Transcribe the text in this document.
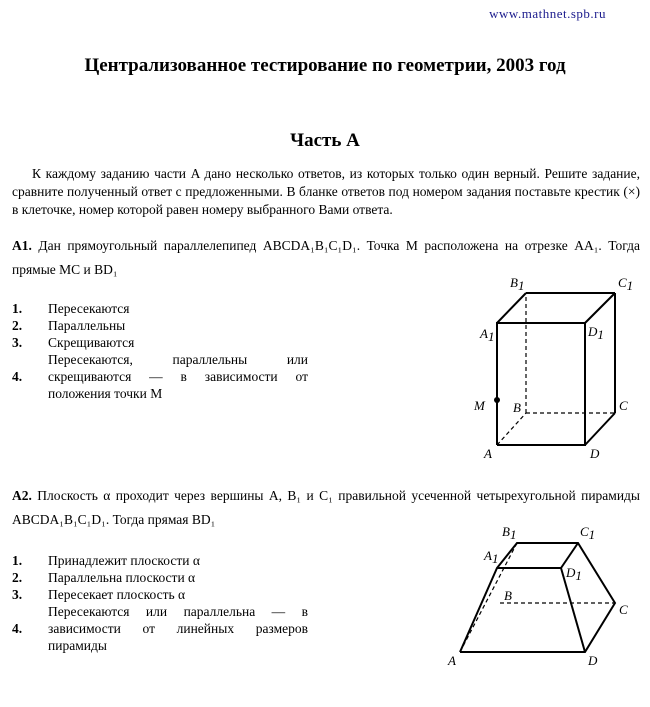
www.mathnet.spb.ru
Централизованное тестирование по геометрии, 2003 год
Часть А
К каждому заданию части A дано несколько ответов, из которых только один верный. Решите задание, сравните полученный ответ с предложенными. В бланке ответов под номером задания поставьте крестик (×) в клеточке, номер которой равен номеру выбранного Вами ответа.
A1. Дан прямоугольный параллелепипед ABCDA₁B₁C₁D₁. Точка M расположена на отрезке AA₁. Тогда прямые MC и BD₁
1.	Пересекаются
2.	Параллельны
3.	Скрещиваются
4.
Пересекаются, параллельны или скрещиваются — в зависимости от положения точки M
B1	C1
A1	D1
M B	C
A	D
A2. Плоскость α проходит через вершины A, B₁ и C₁ правильной усеченной четырехугольной пирамиды ABCDA₁B₁C₁D₁. Тогда прямая BD₁
1.	Принадлежит плоскости α
2.	Параллельна плоскости α
3.	Пересекает плоскость α
4.
Пересекаются или параллельна — в зависимости от линейных размеров пирамиды
B1	C1
A1
D1
B
C
A	D
